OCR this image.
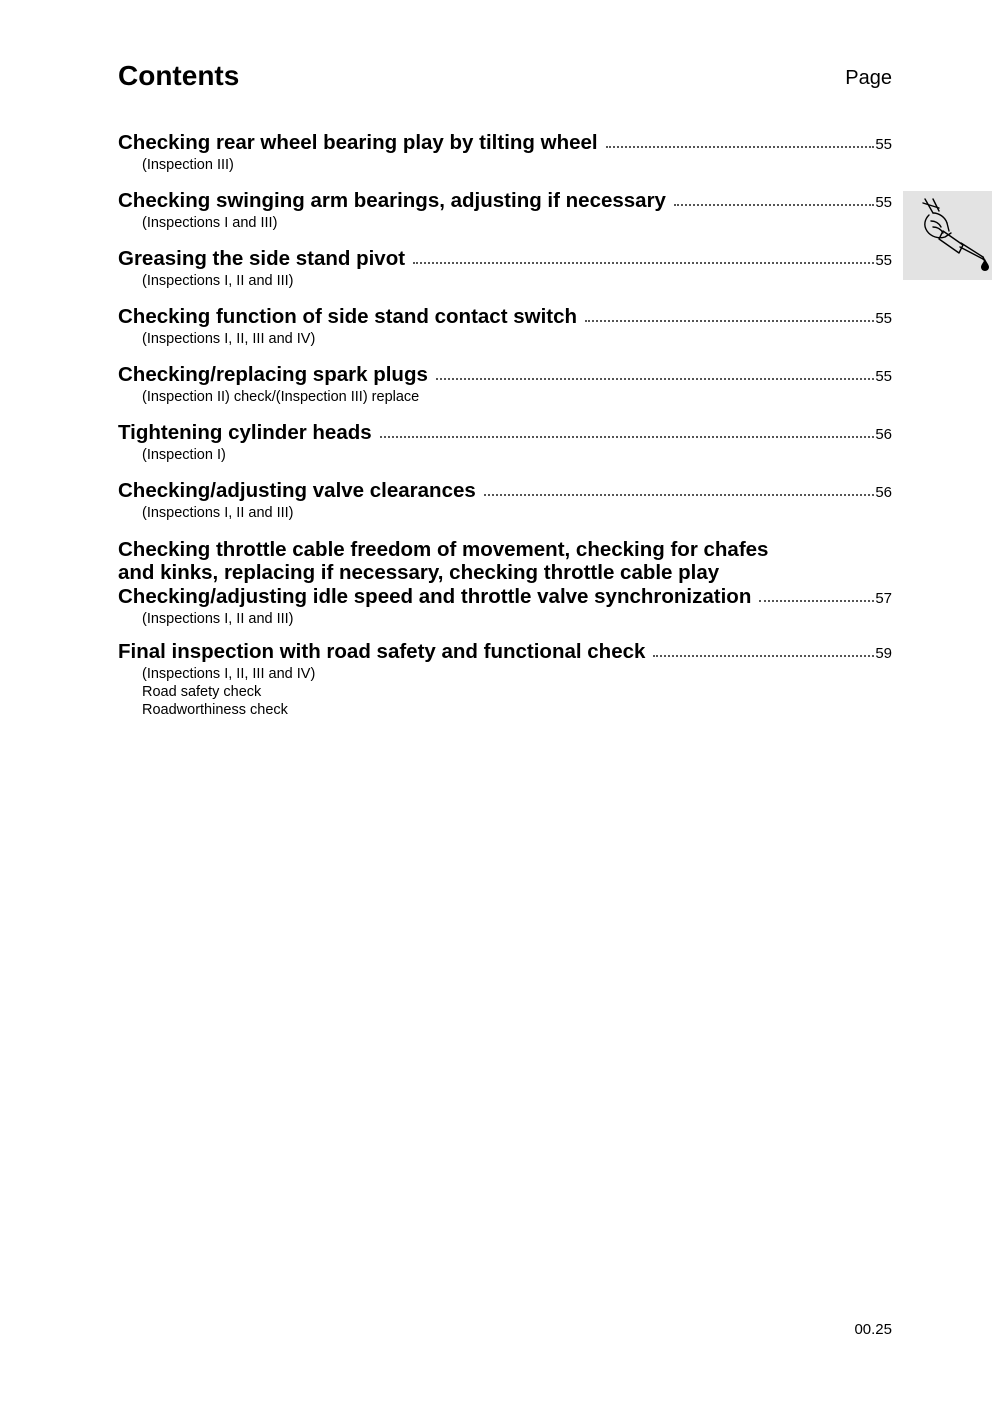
Contents	Page
Checking rear wheel bearing play by tilting wheel	55
(Inspection III)
Checking swinging arm bearings, adjusting if necessary	55
(Inspections I and III)
Greasing the side stand pivot	55
(Inspections I, II and III)
Checking function of side stand contact switch	55
(Inspections I, II, III and IV)
Checking/replacing spark plugs	55
(Inspection II) check/(Inspection III) replace
Tightening cylinder heads	56
(Inspection I)
Checking/adjusting valve clearances	56
(Inspections I, II and III)
Checking throttle cable freedom of movement, checking for chafes
and kinks, replacing if necessary, checking throttle cable play
Checking/adjusting idle speed and throttle valve synchronization	57
(Inspections I, II and III)
Final inspection with road safety and functional check	59
(Inspections I, II, III and IV)
Road safety check
Roadworthiness check
00.25
